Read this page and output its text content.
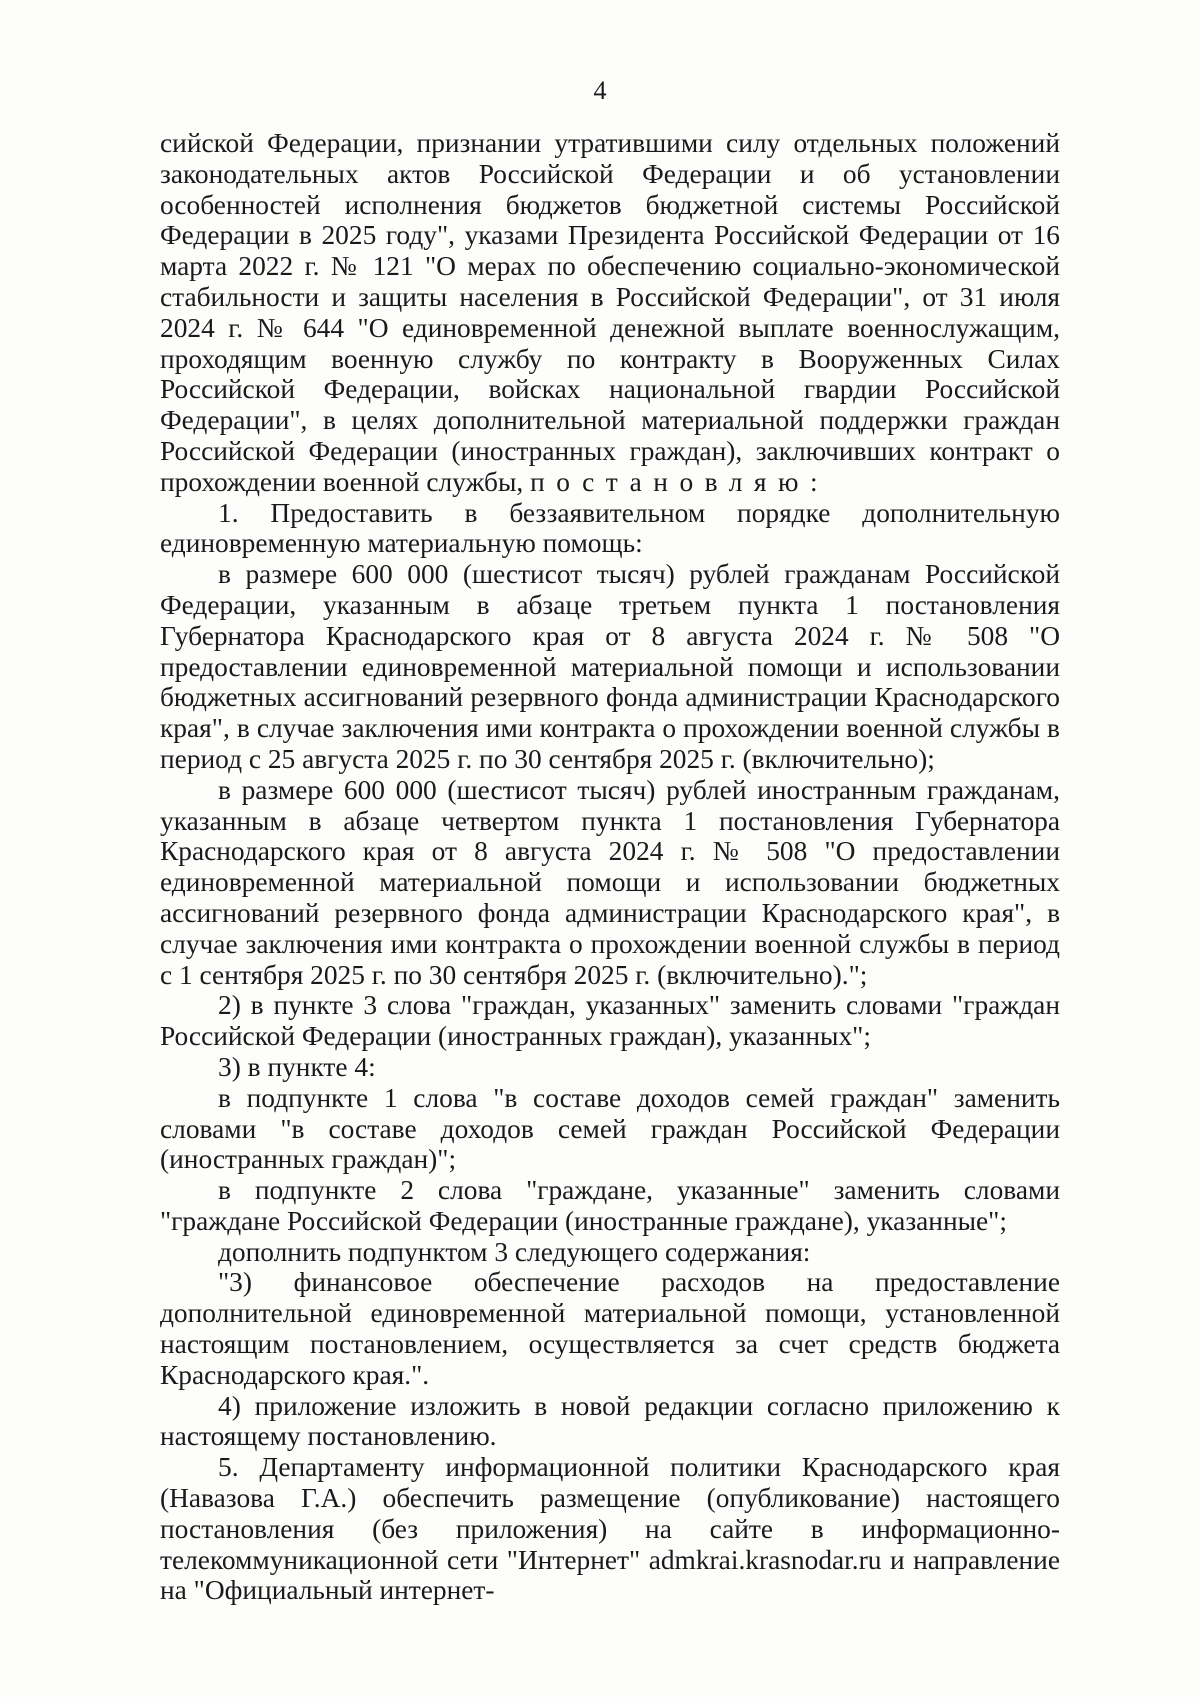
4

сийской Федерации, признании утратившими силу отдельных положений законодательных актов Российской Федерации и об установлении особенностей исполнения бюджетов бюджетной системы Российской Федерации в 2025 году", указами Президента Российской Федерации от 16 марта 2022 г. № 121 "О мерах по обеспечению социально-экономической стабильности и защиты населения в Российской Федерации", от 31 июля 2024 г. № 644 "О единовременной денежной выплате военнослужащим, проходящим военную службу по контракту в Вооруженных Силах Российской Федерации, войсках национальной гвардии Российской Федерации", в целях дополнительной материальной поддержки граждан Российской Федерации (иностранных граждан), заключивших контракт о прохождении военной службы, постановляю:

1. Предоставить в беззаявительном порядке дополнительную единовременную материальную помощь:

в размере 600 000 (шестисот тысяч) рублей гражданам Российской Федерации, указанным в абзаце третьем пункта 1 постановления Губернатора Краснодарского края от 8 августа 2024 г. № 508 "О предоставлении единовременной материальной помощи и использовании бюджетных ассигнований резервного фонда администрации Краснодарского края", в случае заключения ими контракта о прохождении военной службы в период с 25 августа 2025 г. по 30 сентября 2025 г. (включительно);

в размере 600 000 (шестисот тысяч) рублей иностранным гражданам, указанным в абзаце четвертом пункта 1 постановления Губернатора Краснодарского края от 8 августа 2024 г. № 508 "О предоставлении единовременной материальной помощи и использовании бюджетных ассигнований резервного фонда администрации Краснодарского края", в случае заключения ими контракта о прохождении военной службы в период с 1 сентября 2025 г. по 30 сентября 2025 г. (включительно).";

2) в пункте 3 слова "граждан, указанных" заменить словами "граждан Российской Федерации (иностранных граждан), указанных";

3) в пункте 4:

в подпункте 1 слова "в составе доходов семей граждан" заменить словами "в составе доходов семей граждан Российской Федерации (иностранных граждан)";

в подпункте 2 слова "граждане, указанные" заменить словами "граждане Российской Федерации (иностранные граждане), указанные";

дополнить подпунктом 3 следующего содержания:

"3) финансовое обеспечение расходов на предоставление дополнительной единовременной материальной помощи, установленной настоящим постановлением, осуществляется за счет средств бюджета Краснодарского края.".

4) приложение изложить в новой редакции согласно приложению к настоящему постановлению.

5. Департаменту информационной политики Краснодарского края (Навазова Г.А.) обеспечить размещение (опубликование) настоящего постановления (без приложения) на сайте в информационно-телекоммуникационной сети "Интернет" admkrai.krasnodar.ru и направление на "Официальный интернет-
